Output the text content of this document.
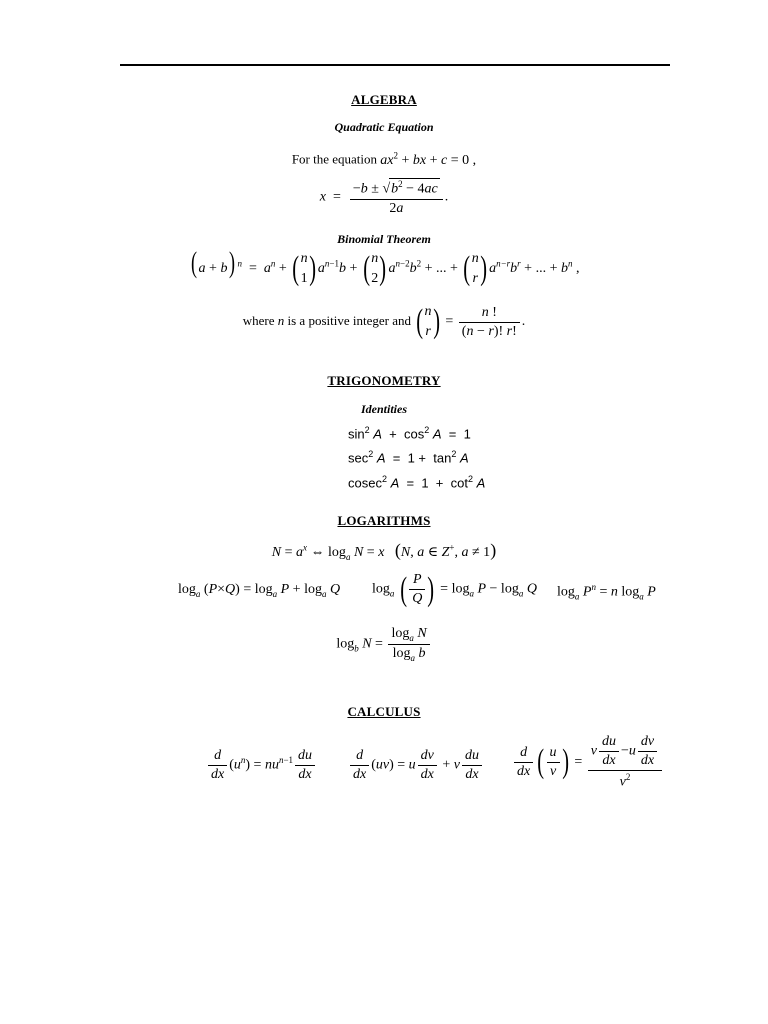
ALGEBRA
Quadratic Equation
For the equation $ax^2$ + bx + c = 0 ,
$x = \frac{-b \pm √b^2 - 4ac}{2a}$ .
Binomial Theorem
( a + b) $^n = a^n$ + ( n
1 ) $a^{n-1}b$ + ( n
2 ) $a^{n-2}b^2$ + ... + ( n
r ) $a^{n-r}b^r$ + ... + $b^n$ ,
where n is a positive integer and ( n
r ) = $\frac{n !}{(n - r)! r!}$ .
TRIGONOMETRY
Identities
$\sin^2 A + \cos^2 A = 1$
$\sec^2 A = 1 + \tan^2 A$
cosec$^2$ $A = 1 + \cot^2 A$
LOGARITHMS
$N = a^x$ ⇔ $\log_a N = x$ (N, a ∈ Z+, a ≠ 1)
$\log_a (P\times Q) = \log_a P + \log_a Q$ $\log_a$ ( $\frac{P}{Q}$ ) = $\log_a P - \log_a Q$ $\log_a P^n = n$ $\log_a P$
$\log_b N = \frac{\log_a N}{\log_a b}$
CALCULUS
$\frac{d}{dx} (u^n) = nu^{n-1} \frac{du}{dx} \frac{d}{dx} (uv) = u \frac{dv}{dx} + v \frac{du}{dx} \frac{d}{dx}$ ( $\frac{u}{v}$ ) = $\frac{v \frac{du}{dx} -u \frac{dv}{dx}}{v^2}$
